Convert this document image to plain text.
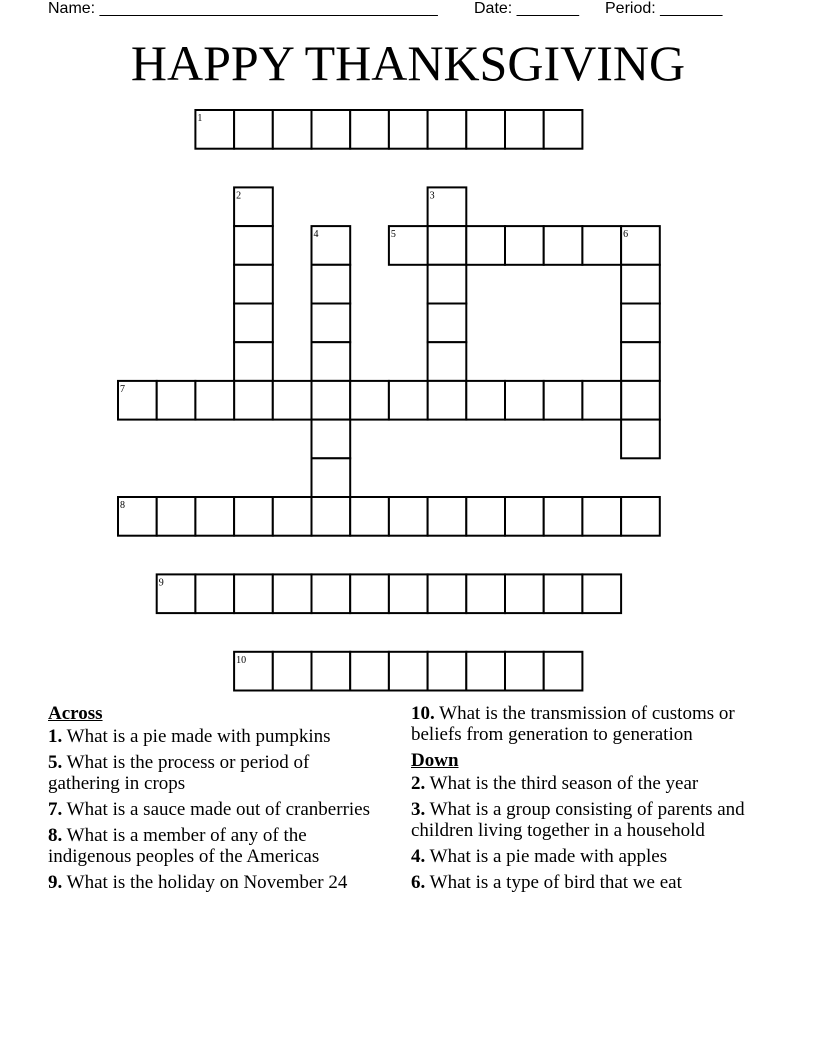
Name: ______________________________________ Date: _______ Period: _______
HAPPY THANKSGIVING
1
2	3
4	5	6
7
8
9
10
Across
1. What is a pie made with pumpkins
5. What is the process or period of gathering in crops
7. What is a sauce made out of cranberries
8. What is a member of any of the indigenous peoples of the Americas
9. What is the holiday on November 24
10. What is the transmission of customs or beliefs from generation to generation
Down
2. What is the third season of the year
3. What is a group consisting of parents and children living together in a household
4. What is a pie made with apples
6. What is a type of bird that we eat
